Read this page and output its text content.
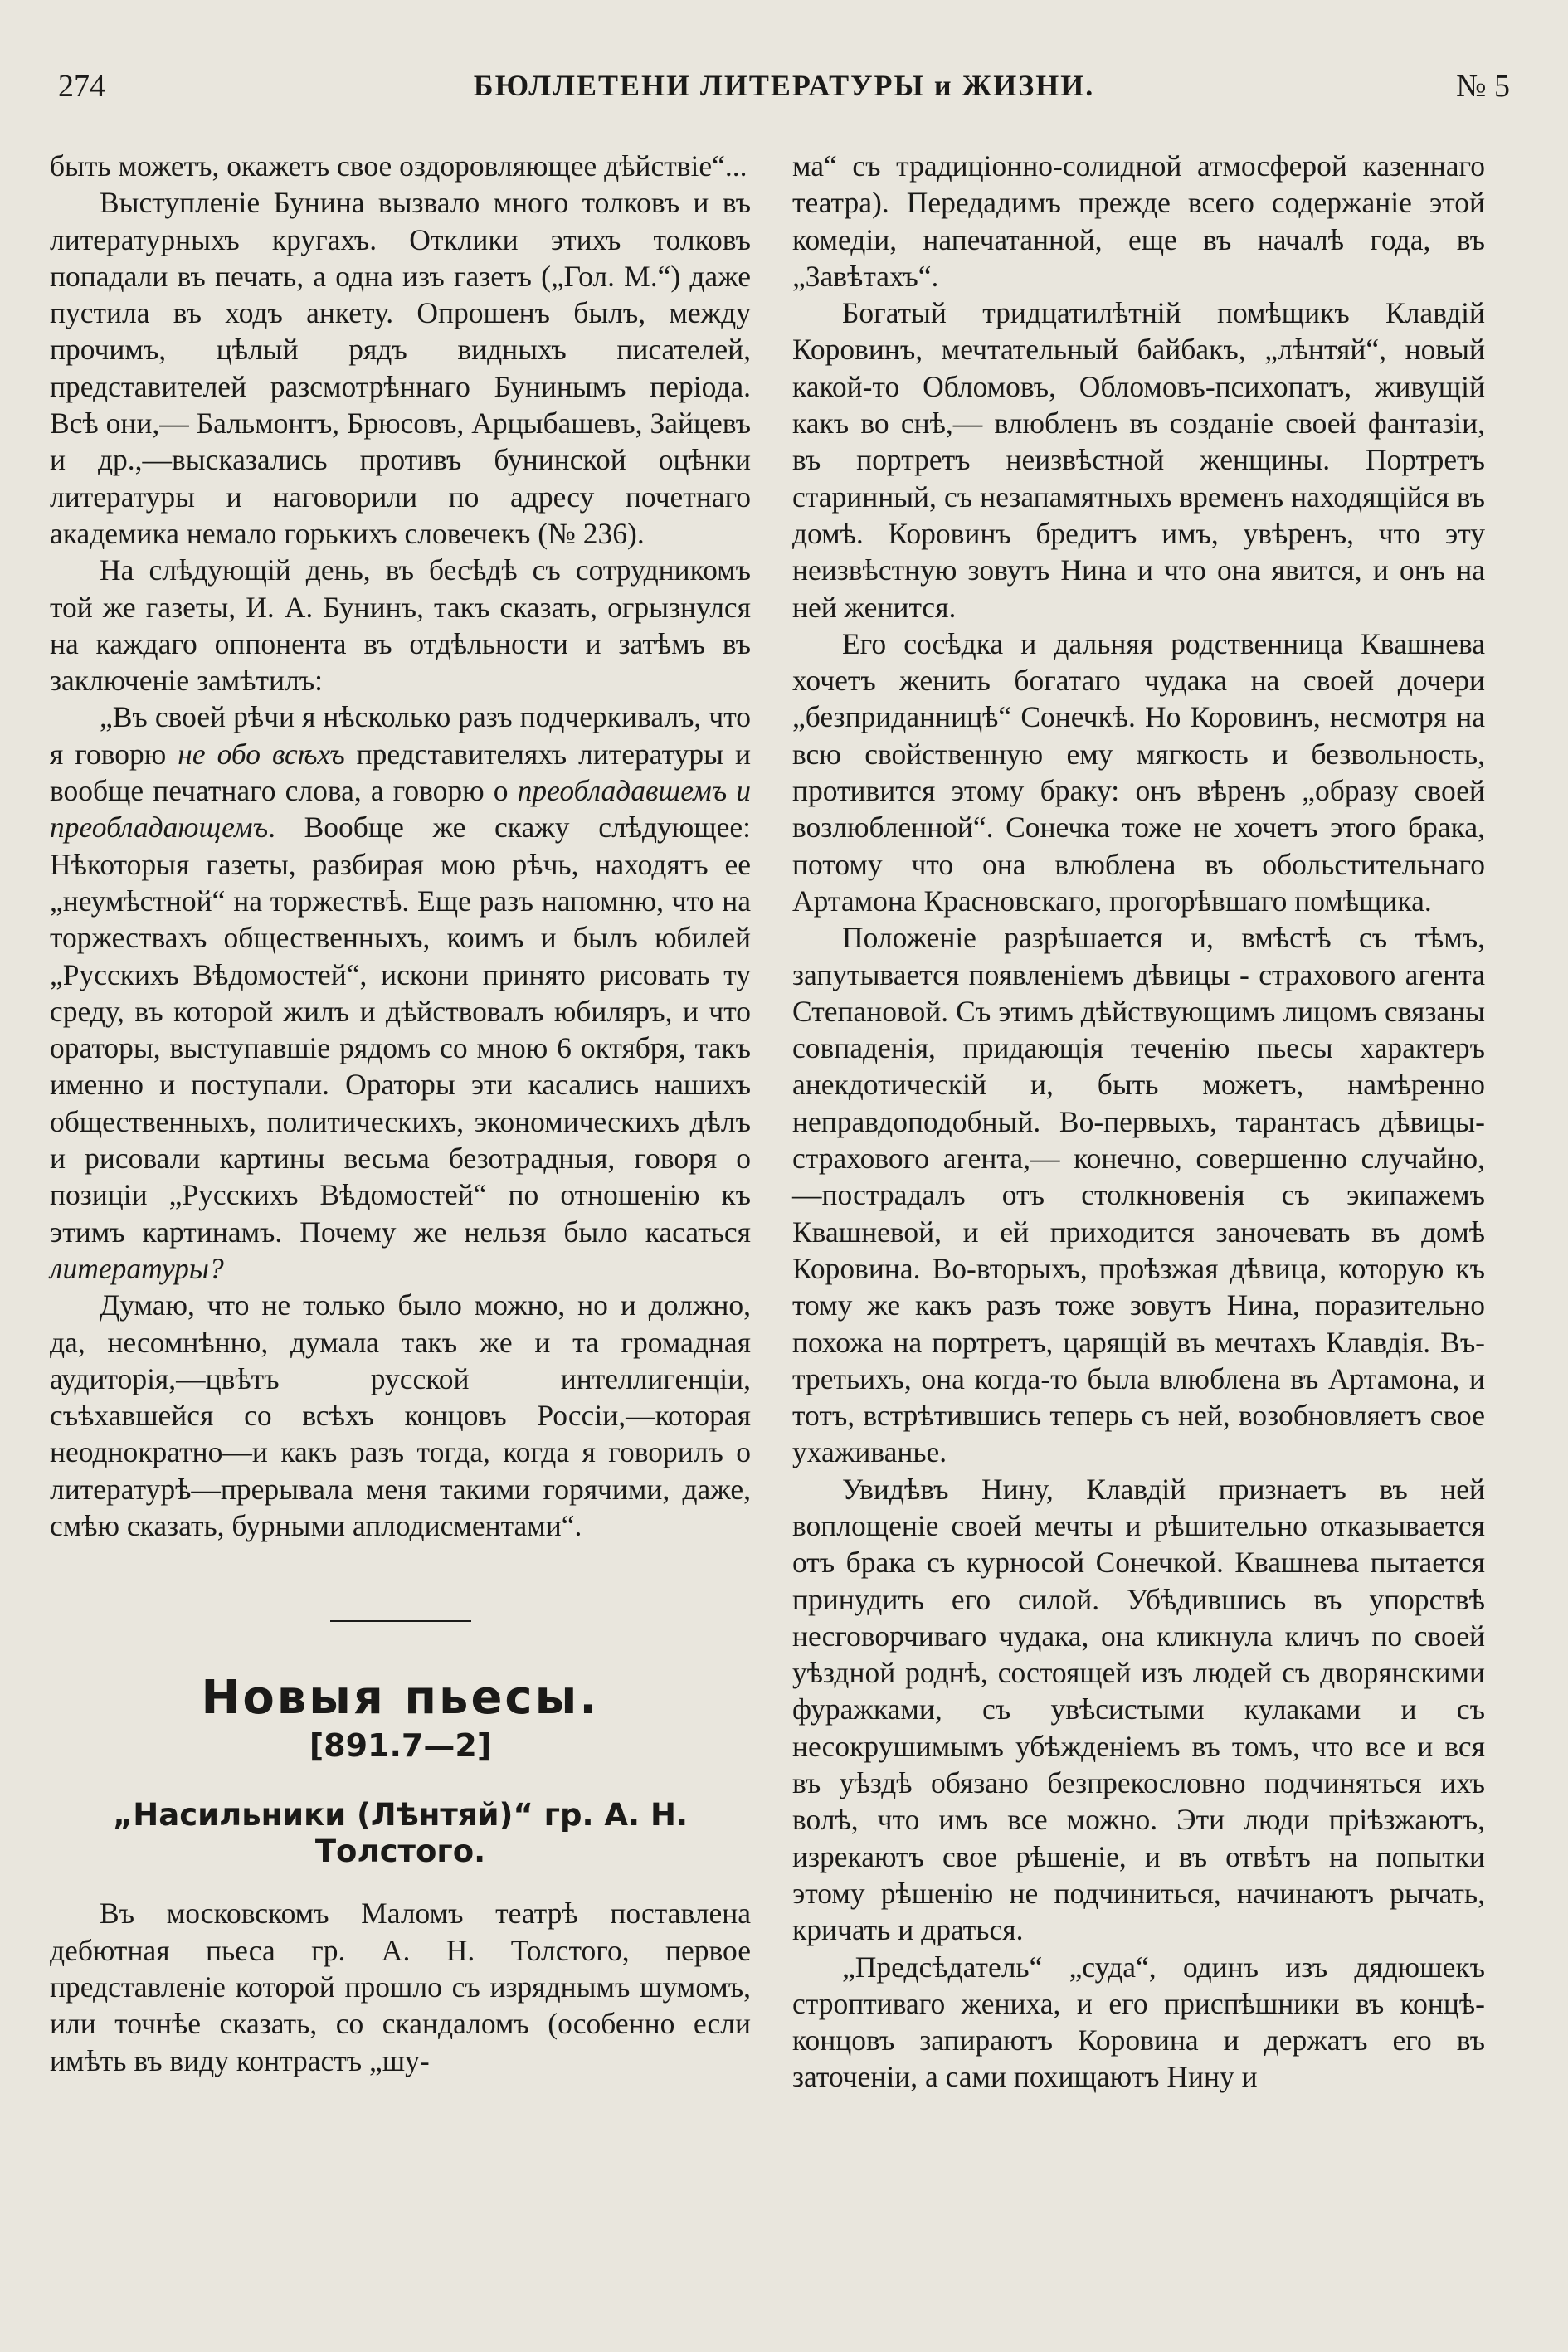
274	БЮЛЛЕТЕНИ ЛИТЕРАТУРЫ и ЖИЗНИ.	№ 5

быть можетъ, окажетъ свое оздоровляющее дѣйствіе“...

Выступленіе Бунина вызвало много толковъ и въ литературныхъ кругахъ. Отклики этихъ толковъ попадали въ печать, а одна изъ газетъ („Гол. М.“) даже пустила въ ходъ анкету. Опрошенъ былъ, между прочимъ, цѣлый рядъ видныхъ писателей, представителей разсмотрѣннаго Бунинымъ періода. Всѣ они,— Бальмонтъ, Брюсовъ, Арцыбашевъ, Зайцевъ и др.,—высказались противъ бунинской оцѣнки литературы и наговорили по адресу почетнаго академика немало горькихъ словечекъ (№ 236).

На слѣдующій день, въ бесѣдѣ съ сотрудникомъ той же газеты, И. А. Бунинъ, такъ сказать, огрызнулся на каждаго оппонента въ отдѣльности и затѣмъ въ заключеніе замѣтилъ:

„Въ своей рѣчи я нѣсколько разъ подчеркивалъ, что я говорю не обо всѣхъ представителяхъ литературы и вообще печатнаго слова, а говорю о преобладавшемъ и преобладающемъ. Вообще же скажу слѣдующее: Нѣкоторыя газеты, разбирая мою рѣчь, находятъ ее „неумѣстной“ на торжествѣ. Еще разъ напомню, что на торжествахъ общественныхъ, коимъ и былъ юбилей „Русскихъ Вѣдомостей“, искони принято рисовать ту среду, въ которой жилъ и дѣйствовалъ юбиляръ, и что ораторы, выступавшіе рядомъ со мною 6 октября, такъ именно и поступали. Ораторы эти касались нашихъ общественныхъ, политическихъ, экономическихъ дѣлъ и рисовали картины весьма безотрадныя, говоря о позиціи „Русскихъ Вѣдомостей“ по отношенію къ этимъ картинамъ. Почему же нельзя было касаться литературы?

Думаю, что не только было можно, но и должно, да, несомнѣнно, думала такъ же и та громадная аудиторія,—цвѣтъ русской интеллигенціи, съѣхавшейся со всѣхъ концовъ Россіи,—которая неоднократно—и какъ разъ тогда, когда я говорилъ о литературѣ—прерывала меня такими горячими, даже, смѣю сказать, бурными аплодисментами“.

Новыя пьесы.
[891.7—2]
„Насильники (Лѣнтяй)“ гр. А. Н. Толстого.

Въ московскомъ Маломъ театрѣ поставлена дебютная пьеса гр. А. Н. Толстого, первое представленіе которой прошло съ изряднымъ шумомъ, или точнѣе сказать, со скандаломъ (особенно если имѣть въ виду контрастъ „шу-

ма“ съ традиціонно-солидной атмосферой казеннаго театра). Передадимъ прежде всего содержаніе этой комедіи, напечатанной, еще въ началѣ года, въ „Завѣтахъ“.

Богатый тридцатилѣтній помѣщикъ Клавдій Коровинъ, мечтательный байбакъ, „лѣнтяй“, новый какой-то Обломовъ, Обломовъ-психопатъ, живущій какъ во снѣ,— влюбленъ въ созданіе своей фантазіи, въ портретъ неизвѣстной женщины. Портретъ старинный, съ незапамятныхъ временъ находящійся въ домѣ. Коровинъ бредитъ имъ, увѣренъ, что эту неизвѣстную зовутъ Нина и что она явится, и онъ на ней женится.

Его сосѣдка и дальняя родственница Квашнева хочетъ женить богатаго чудака на своей дочери „безприданницѣ“ Сонечкѣ. Но Коровинъ, несмотря на всю свойственную ему мягкость и безвольность, противится этому браку: онъ вѣренъ „образу своей возлюбленной“. Сонечка тоже не хочетъ этого брака, потому что она влюблена въ обольстительнаго Артамона Красновскаго, прогорѣвшаго помѣщика.

Положеніе разрѣшается и, вмѣстѣ съ тѣмъ, запутывается появленіемъ дѣвицы - страхового агента Степановой. Съ этимъ дѣйствующимъ лицомъ связаны совпаденія, придающія теченію пьесы характеръ анекдотическій и, быть можетъ, намѣренно неправдоподобный. Во-первыхъ, тарантасъ дѣвицы-страхового агента,— конечно, совершенно случайно,—пострадалъ отъ столкновенія съ экипажемъ Квашневой, и ей приходится заночевать въ домѣ Коровина. Во-вторыхъ, проѣзжая дѣвица, которую къ тому же какъ разъ тоже зовутъ Нина, поразительно похожа на портретъ, царящій въ мечтахъ Клавдія. Въ-третьихъ, она когда-то была влюблена въ Артамона, и тотъ, встрѣтившись теперь съ ней, возобновляетъ свое ухаживанье.

Увидѣвъ Нину, Клавдій признаетъ въ ней воплощеніе своей мечты и рѣшительно отказывается отъ брака съ курносой Сонечкой. Квашнева пытается принудить его силой. Убѣдившись въ упорствѣ несговорчиваго чудака, она кликнула кличъ по своей уѣздной роднѣ, состоящей изъ людей съ дворянскими фуражками, съ увѣсистыми кулаками и съ несокрушимымъ убѣжденіемъ въ томъ, что все и вся въ уѣздѣ обязано безпрекословно подчиняться ихъ волѣ, что имъ все можно. Эти люди пріѣзжаютъ, изрекаютъ свое рѣшеніе, и въ отвѣтъ на попытки этому рѣшенію не подчиниться, начинаютъ рычать, кричать и драться.

„Предсѣдатель“ „суда“, одинъ изъ дядюшекъ строптиваго жениха, и его приспѣшники въ концѣ-концовъ запираютъ Коровина и держатъ его въ заточеніи, а сами похищаютъ Нину и
